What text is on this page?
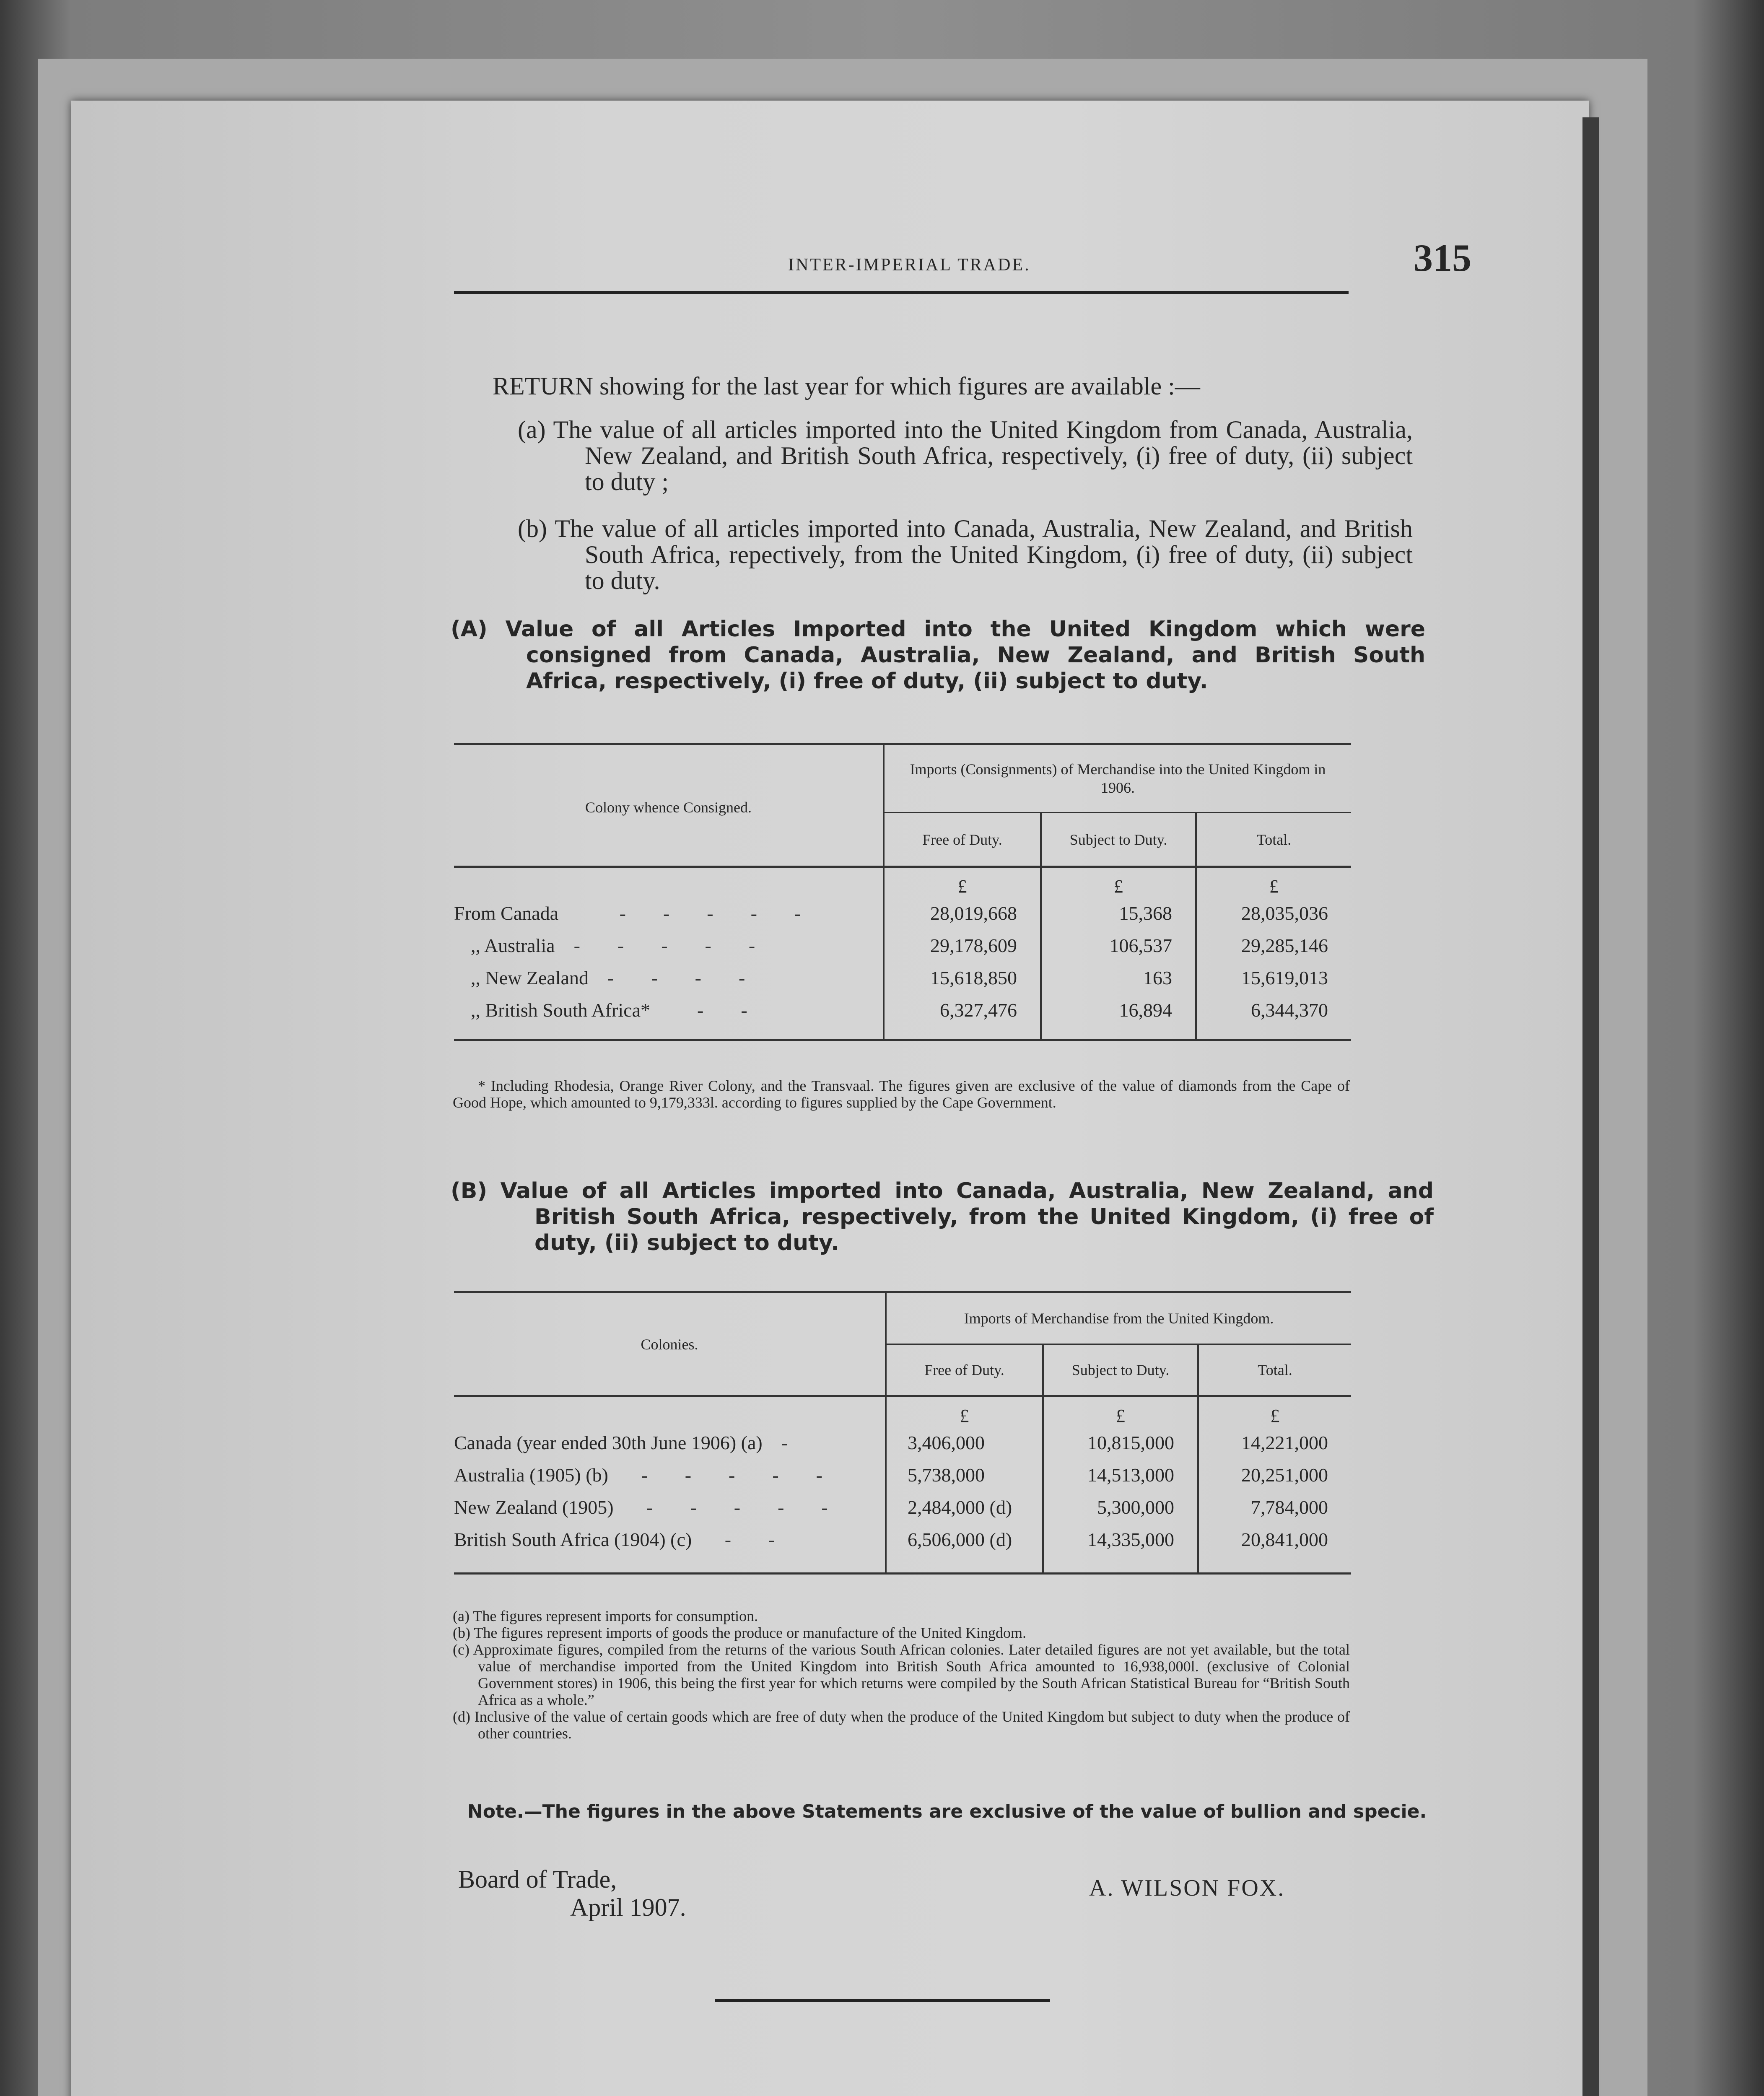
INTER-IMPERIAL TRADE.	315
RETURN showing for the last year for which figures are available :—
(a) The value of all articles imported into the United Kingdom from Canada, Australia, New Zealand, and British South Africa, respectively, (i) free of duty, (ii) subject to duty ;
(b) The value of all articles imported into Canada, Australia, New Zealand, and British South Africa, repectively, from the United Kingdom, (i) free of duty, (ii) subject to duty.
(A) Value of all Articles Imported into the United Kingdom which were consigned from Canada, Australia, New Zealand, and British South Africa, respectively, (i) free of duty, (ii) subject to duty.
Colony whence Consigned.	Imports (Consignments) of Merchandise into the United Kingdom in 1906.		
	Free of Duty.	Subject to Duty.	Total.
	£	£	£
From Canada     -  -  -  -  -	28,019,668	15,368	28,035,036
,, Australia  -  -  -  -  -	29,178,609	106,537	29,285,146
,, New Zealand  -  -  -  -	15,618,850	163	15,619,013
,, British South Africa*    -  -	6,327,476	16,894	6,344,370
* Including Rhodesia, Orange River Colony, and the Transvaal. The figures given are exclusive of the value of diamonds from the Cape of Good Hope, which amounted to 9,179,333l. according to figures supplied by the Cape Government.
(B) Value of all Articles imported into Canada, Australia, New Zealand, and British South Africa, respectively, from the United Kingdom, (i) free of duty, (ii) subject to duty.
Colonies.	Imports of Merchandise from the United Kingdom.		
	Free of Duty.	Subject to Duty.	Total.
	£	£	£
Canada (year ended 30th June 1906) (a)  -	3,406,000	10,815,000	14,221,000
Australia (1905) (b)   -  -  -  -  -	5,738,000	14,513,000	20,251,000
New Zealand (1905)   -  -  -  -  -	2,484,000 (d)	5,300,000	7,784,000
British South Africa (1904) (c)   -  -	6,506,000 (d)	14,335,000	20,841,000
(a) The figures represent imports for consumption.
(b) The figures represent imports of goods the produce or manufacture of the United Kingdom.
(c) Approximate figures, compiled from the returns of the various South African colonies. Later detailed figures are not yet available, but the total value of merchandise imported from the United Kingdom into British South Africa amounted to 16,938,000l. (exclusive of Colonial Government stores) in 1906, this being the first year for which returns were compiled by the South African Statistical Bureau for “British South Africa as a whole.”
(d) Inclusive of the value of certain goods which are free of duty when the produce of the United Kingdom but subject to duty when the produce of other countries.
Note.—The figures in the above Statements are exclusive of the value of bullion and specie.
Board of Trade,
April 1907.
A. WILSON FOX.
